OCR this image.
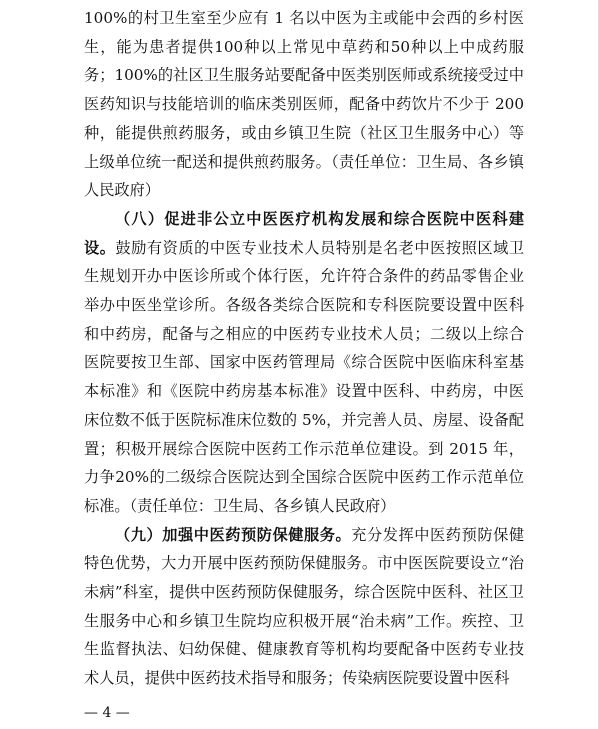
100%的村卫生室至少应有 1 名以中医为主或能中会西的乡村医生，能为患者提供100种以上常见中草药和50种以上中成药服务；100%的社区卫生服务站要配备中医类别医师或系统接受过中医药知识与技能培训的临床类别医师，配备中药饮片不少于 200 种，能提供煎药服务，或由乡镇卫生院（社区卫生服务中心）等上级单位统一配送和提供煎药服务。（责任单位：卫生局、各乡镇人民政府）

（八）促进非公立中医医疗机构发展和综合医院中医科建设。鼓励有资质的中医专业技术人员特别是名老中医按照区域卫生规划开办中医诊所或个体行医，允许符合条件的药品零售企业举办中医坐堂诊所。各级各类综合医院和专科医院要设置中医科和中药房，配备与之相应的中医药专业技术人员；二级以上综合医院要按卫生部、国家中医药管理局《综合医院中医临床科室基本标准》和《医院中药房基本标准》设置中医科、中药房，中医床位数不低于医院标准床位数的 5%，并完善人员、房屋、设备配置；积极开展综合医院中医药工作示范单位建设。到 2015 年，力争20%的二级综合医院达到全国综合医院中医药工作示范单位标准。（责任单位：卫生局、各乡镇人民政府）

（九）加强中医药预防保健服务。充分发挥中医药预防保健特色优势，大力开展中医药预防保健服务。市中医医院要设立“治未病”科室，提供中医药预防保健服务，综合医院中医科、社区卫生服务中心和乡镇卫生院均应积极开展“治未病”工作。疾控、卫生监督执法、妇幼保健、健康教育等机构均要配备中医药专业技术人员，提供中医药技术指导和服务；传染病医院要设置中医科

— 4 —
